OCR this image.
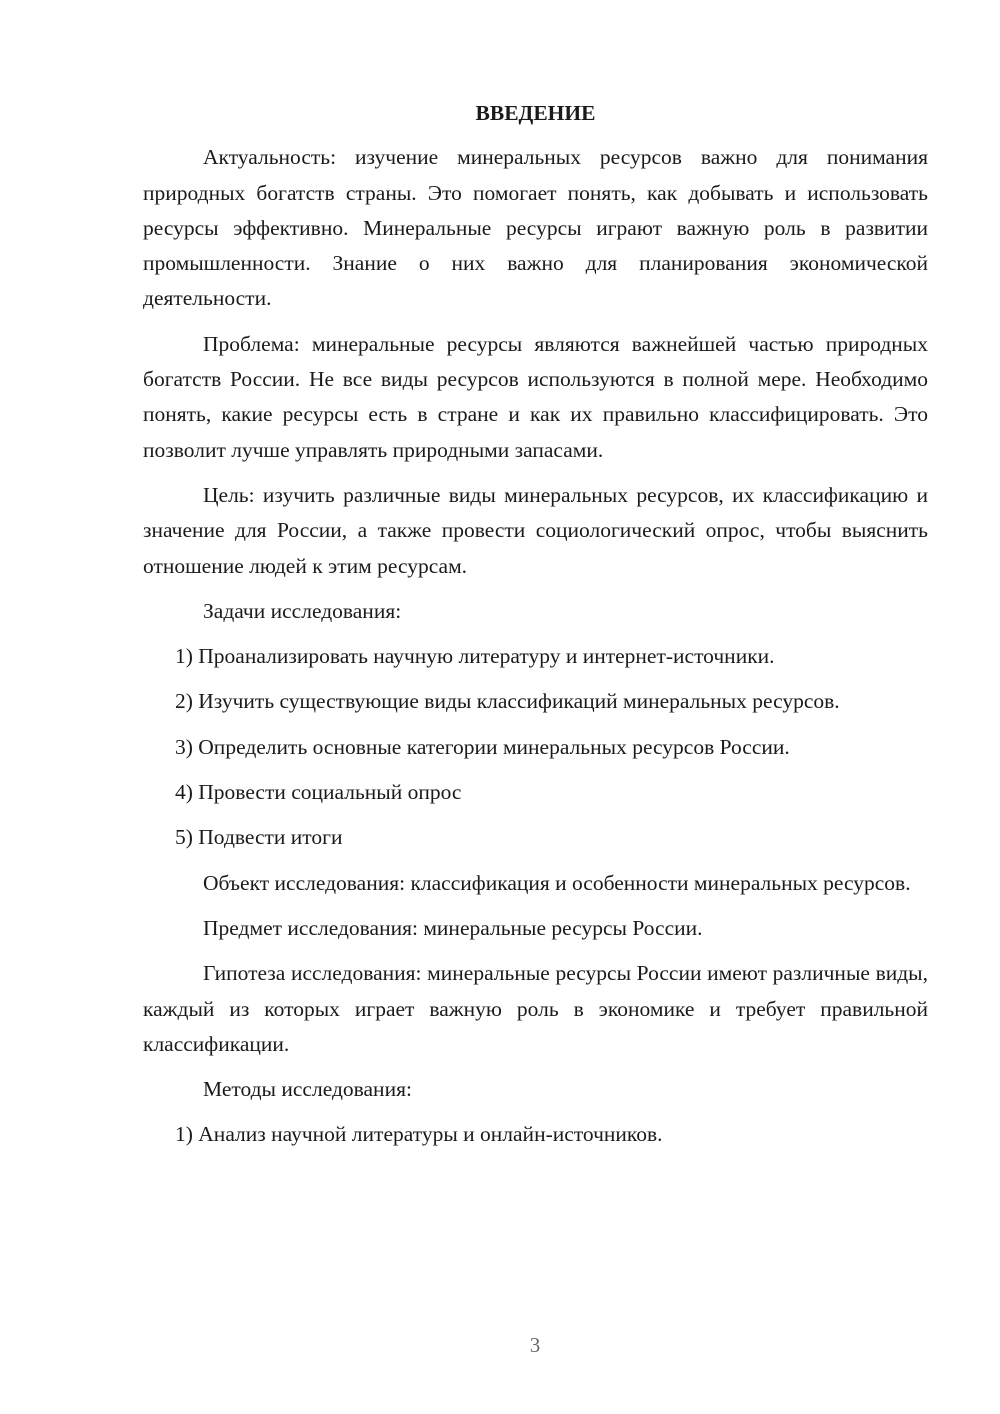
ВВЕДЕНИЕ

Актуальность: изучение минеральных ресурсов важно для понимания природных богатств страны. Это помогает понять, как добывать и использовать ресурсы эффективно. Минеральные ресурсы играют важную роль в развитии промышленности. Знание о них важно для планирования экономической деятельности.

Проблема: минеральные ресурсы являются важнейшей частью природных богатств России. Не все виды ресурсов используются в полной мере. Необходимо понять, какие ресурсы есть в стране и как их правильно классифицировать. Это позволит лучше управлять природными запасами.

Цель: изучить различные виды минеральных ресурсов, их классификацию и значение для России, а также провести социологический опрос, чтобы выяснить отношение людей к этим ресурсам.

Задачи исследования:

1) Проанализировать научную литературу и интернет-источники.

2) Изучить существующие виды классификаций минеральных ресурсов.

3) Определить основные категории минеральных ресурсов России.

4) Провести социальный опрос

5) Подвести итоги

Объект исследования: классификация и особенности минеральных ресурсов.

Предмет исследования: минеральные ресурсы России.

Гипотеза исследования: минеральные ресурсы России имеют различные виды, каждый из которых играет важную роль в экономике и требует правильной классификации.

Методы исследования:

1) Анализ научной литературы и онлайн-источников.

3
